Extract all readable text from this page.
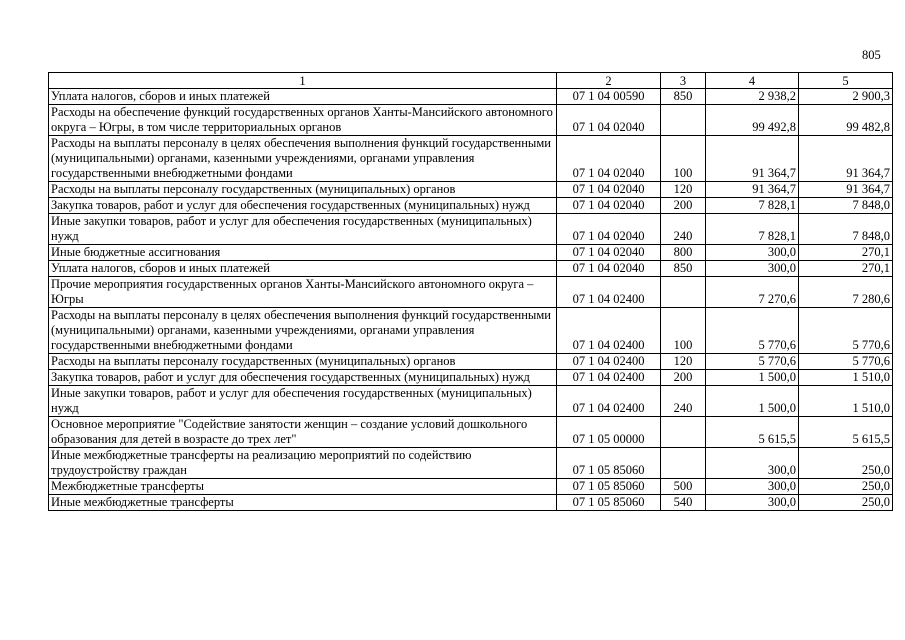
805
1	2	3	4	5
Уплата налогов, сборов и иных платежей	07 1 04 00590	850	2 938,2	2 900,3
Расходы на обеспечение функций государственных органов Ханты-Мансийского автономного округа – Югры, в том числе территориальных органов	07 1 04 02040		99 492,8	99 482,8
Расходы на выплаты персоналу в целях обеспечения выполнения функций государственными (муниципальными) органами, казенными учреждениями, органами управления государственными внебюджетными фондами	07 1 04 02040	100	91 364,7	91 364,7
Расходы на выплаты персоналу государственных (муниципальных) органов	07 1 04 02040	120	91 364,7	91 364,7
Закупка товаров, работ и услуг для обеспечения государственных (муниципальных) нужд	07 1 04 02040	200	7 828,1	7 848,0
Иные закупки товаров, работ и услуг для обеспечения государственных (муниципальных) нужд	07 1 04 02040	240	7 828,1	7 848,0
Иные бюджетные ассигнования	07 1 04 02040	800	300,0	270,1
Уплата налогов, сборов и иных платежей	07 1 04 02040	850	300,0	270,1
Прочие мероприятия государственных органов Ханты-Мансийского автономного округа – Югры	07 1 04 02400		7 270,6	7 280,6
Расходы на выплаты персоналу в целях обеспечения выполнения функций государственными (муниципальными) органами, казенными учреждениями, органами управления государственными внебюджетными фондами	07 1 04 02400	100	5 770,6	5 770,6
Расходы на выплаты персоналу государственных (муниципальных) органов	07 1 04 02400	120	5 770,6	5 770,6
Закупка товаров, работ и услуг для обеспечения государственных (муниципальных) нужд	07 1 04 02400	200	1 500,0	1 510,0
Иные закупки товаров, работ и услуг для обеспечения государственных (муниципальных) нужд	07 1 04 02400	240	1 500,0	1 510,0
Основное мероприятие "Содействие занятости женщин – создание условий дошкольного образования для детей в возрасте до трех лет"	07 1 05 00000		5 615,5	5 615,5
Иные межбюджетные трансферты на реализацию мероприятий по содействию трудоустройству граждан	07 1 05 85060		300,0	250,0
Межбюджетные трансферты	07 1 05 85060	500	300,0	250,0
Иные межбюджетные трансферты	07 1 05 85060	540	300,0	250,0
